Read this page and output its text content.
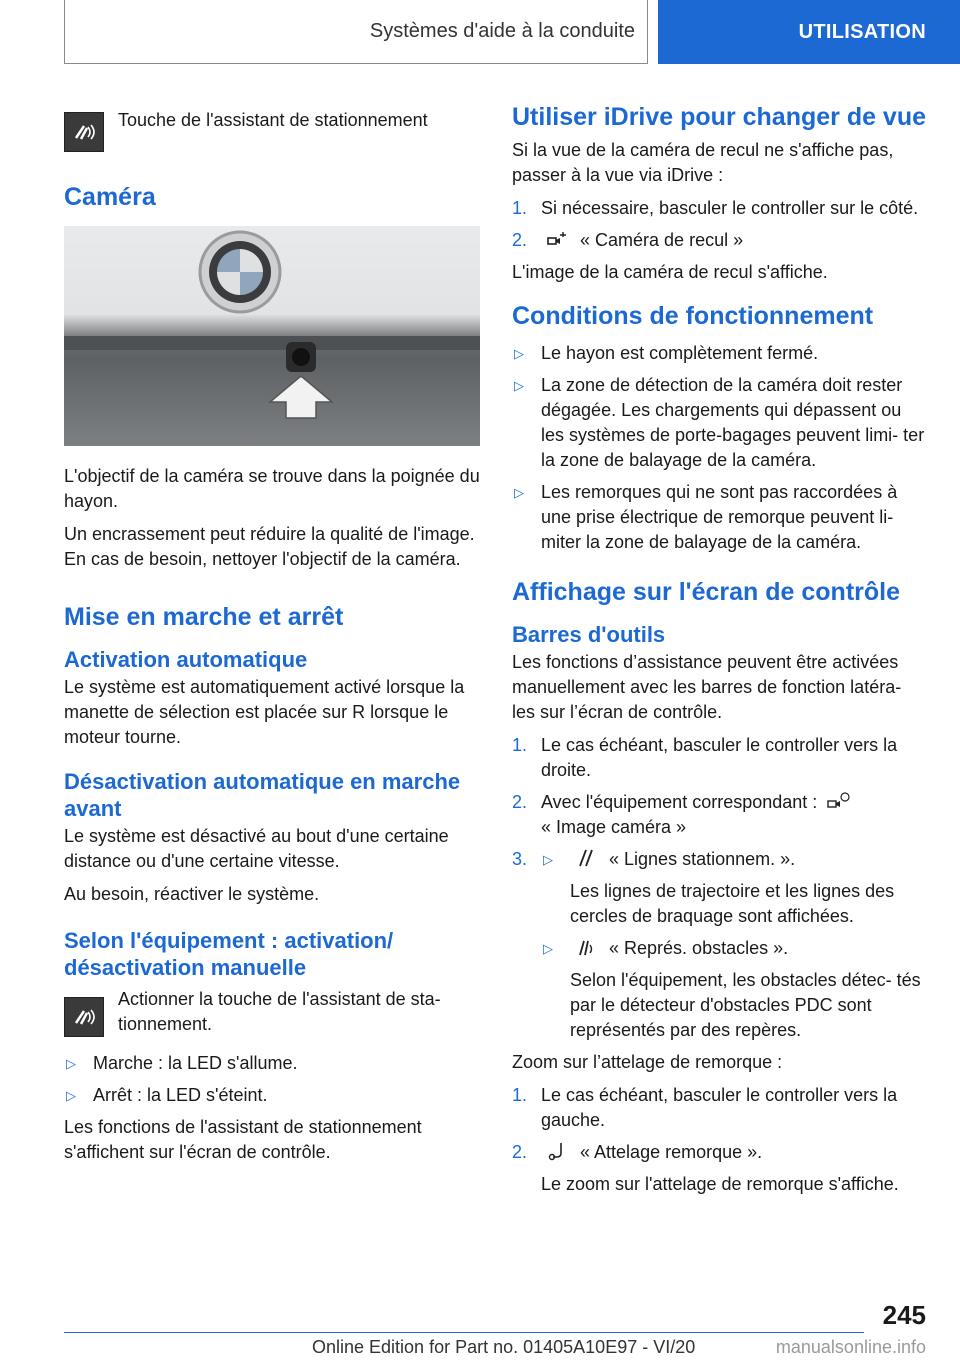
Systèmes d'aide à la conduite	UTILISATION

Touche de l'assistant de stationnement

Caméra

L'objectif de la caméra se trouve dans la poignée du hayon.

Un encrassement peut réduire la qualité de l'image. En cas de besoin, nettoyer l'objectif de la caméra.

Mise en marche et arrêt
Activation automatique

Le système est automatiquement activé lorsque la manette de sélection est placée sur R lorsque le moteur tourne.

Désactivation automatique en marche avant

Le système est désactivé au bout d'une certaine distance ou d'une certaine vitesse.

Au besoin, réactiver le système.

Selon l'équipement : activation/ désactivation manuelle

Actionner la touche de l'assistant de sta- tionnement.

▷ Marche : la LED s'allume.
▷ Arrêt : la LED s'éteint.

Les fonctions de l'assistant de stationnement s'affichent sur l'écran de contrôle.

Utiliser iDrive pour changer de vue

Si la vue de la caméra de recul ne s'affiche pas, passer à la vue via iDrive :

1. Si nécessaire, basculer le controller sur le côté.
2.	« Caméra de recul »

L'image de la caméra de recul s'affiche.

Conditions de fonctionnement
▷ Le hayon est complètement fermé.
▷ La zone de détection de la caméra doit rester dégagée. Les chargements qui dépassent ou les systèmes de porte-bagages peuvent limi- ter la zone de balayage de la caméra.
▷ Les remorques qui ne sont pas raccordées à une prise électrique de remorque peuvent li- miter la zone de balayage de la caméra.
Affichage sur l'écran de contrôle
Barres d'outils

Les fonctions d’assistance peuvent être activées manuellement avec les barres de fonction latéra- les sur l’écran de contrôle.

1. Le cas échéant, basculer le controller vers la droite.
2. Avec l'équipement correspondant :
« Image caméra »
3. ▷	« Lignes stationnem. ».
Les lignes de trajectoire et les lignes des cercles de braquage sont affichées.
▷	« Représ. obstacles ».
Selon l'équipement, les obstacles détec- tés par le détecteur d'obstacles PDC sont représentés par des repères.

Zoom sur l’attelage de remorque :

1. Le cas échéant, basculer le controller vers la gauche.
2.	« Attelage remorque ».
Le zoom sur l'attelage de remorque s'affiche.
245
Online Edition for Part no. 01405A10E97 - VI/20	manualsonline.info
